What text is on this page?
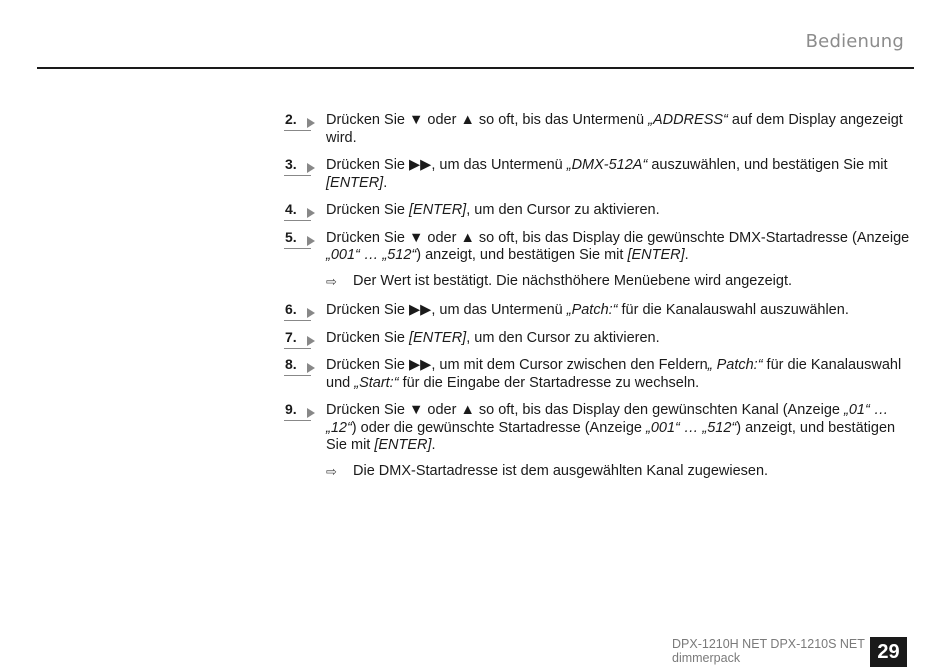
Bedienung
2. Drücken Sie ▼ oder ▲ so oft, bis das Untermenü „ADDRESS“ auf dem Display angezeigt wird.
3. Drücken Sie ▶▶, um das Untermenü „DMX-512A“ auszuwählen, und bestätigen Sie mit [ENTER].
4. Drücken Sie [ENTER], um den Cursor zu aktivieren.
5. Drücken Sie ▼ oder ▲ so oft, bis das Display die gewünschte DMX-Startadresse (Anzeige „001“ … „512“) anzeigt, und bestätigen Sie mit [ENTER].
⇨ Der Wert ist bestätigt. Die nächsthöhere Menüebene wird angezeigt.
6. Drücken Sie ▶▶, um das Untermenü „Patch:“ für die Kanalauswahl auszuwählen.
7. Drücken Sie [ENTER], um den Cursor zu aktivieren.
8. Drücken Sie ▶▶, um mit dem Cursor zwischen den Feldern„ Patch:“ für die Kanalauswahl und „Start:“ für die Eingabe der Startadresse zu wechseln.
9. Drücken Sie ▼ oder ▲ so oft, bis das Display den gewünschten Kanal (Anzeige „01“ … „12“) oder die gewünschte Startadresse (Anzeige „001“ … „512“) anzeigt, und bestätigen Sie mit [ENTER].
⇨ Die DMX-Startadresse ist dem ausgewählten Kanal zugewiesen.
DPX-1210H NET DPX-1210S NET
dimmerpack	29
